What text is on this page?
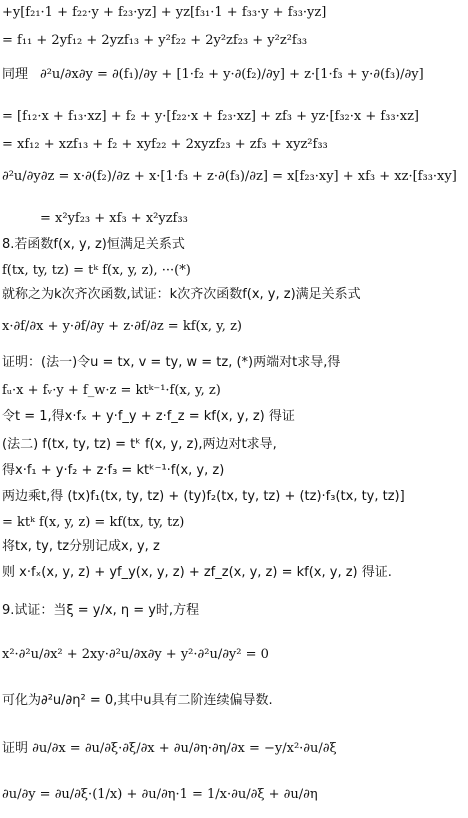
+y[f₂₁·1 + f₂₂·y + f₂₃·yz] + yz[f₃₁·1 + f₃₃·y + f₃₃·yz]
= f₁₁ + 2yf₁₂ + 2yzf₁₃ + y²f₂₂ + 2y²zf₂₃ + y²z²f₃₃
同理 ∂²u/∂x∂y = ∂(f₁)/∂y + [1·f₂ + y·∂(f₂)/∂y] + z·[1·f₃ + y·∂(f₃)/∂y]
= [f₁₂·x + f₁₃·xz] + f₂ + y·[f₂₂·x + f₂₃·xz] + zf₃ + yz·[f₃₂·x + f₃₃·xz]
= xf₁₂ + xzf₁₃ + f₂ + xyf₂₂ + 2xyzf₂₃ + zf₃ + xyz²f₃₃
∂²u/∂y∂z = x·∂(f₂)/∂z + x·[1·f₃ + z·∂(f₃)/∂z] = x[f₂₃·xy] + xf₃ + xz·[f₃₃·xy]
= x²yf₂₃ + xf₃ + x²yzf₃₃
8.若函数f(x, y, z)恒满足关系式
f(tx, ty, tz) = tᵏ f(x, y, z), ···(*)
就称之为k次齐次函数,试证：k次齐次函数f(x, y, z)满足关系式
x·∂f/∂x + y·∂f/∂y + z·∂f/∂z = kf(x, y, z)
证明：(法一)令u = tx, v = ty, w = tz, (*)两端对t求导,得
fᵤ·x + fᵥ·y + f_w·z = ktᵏ⁻¹·f(x, y, z)
令t = 1,得x·fₓ + y·f_y + z·f_z = kf(x, y, z) 得证
(法二) f(tx, ty, tz) = tᵏ f(x, y, z),两边对t求导,
得x·f₁ + y·f₂ + z·f₃ = ktᵏ⁻¹·f(x, y, z)
两边乘t,得 (tx)f₁(tx, ty, tz) + (ty)f₂(tx, ty, tz) + (tz)·f₃(tx, ty, tz)]
= ktᵏ f(x, y, z) = kf(tx, ty, tz)
将tx, ty, tz分别记成x, y, z
则 x·fₓ(x, y, z) + yf_y(x, y, z) + zf_z(x, y, z) = kf(x, y, z) 得证.
9.试证：当ξ = y/x, η = y时,方程
x²·∂²u/∂x² + 2xy·∂²u/∂x∂y + y²·∂²u/∂y² = 0
可化为∂²u/∂η² = 0,其中u具有二阶连续偏导数.
证明 ∂u/∂x = ∂u/∂ξ·∂ξ/∂x + ∂u/∂η·∂η/∂x = −y/x²·∂u/∂ξ
∂u/∂y = ∂u/∂ξ·(1/x) + ∂u/∂η·1 = 1/x·∂u/∂ξ + ∂u/∂η
